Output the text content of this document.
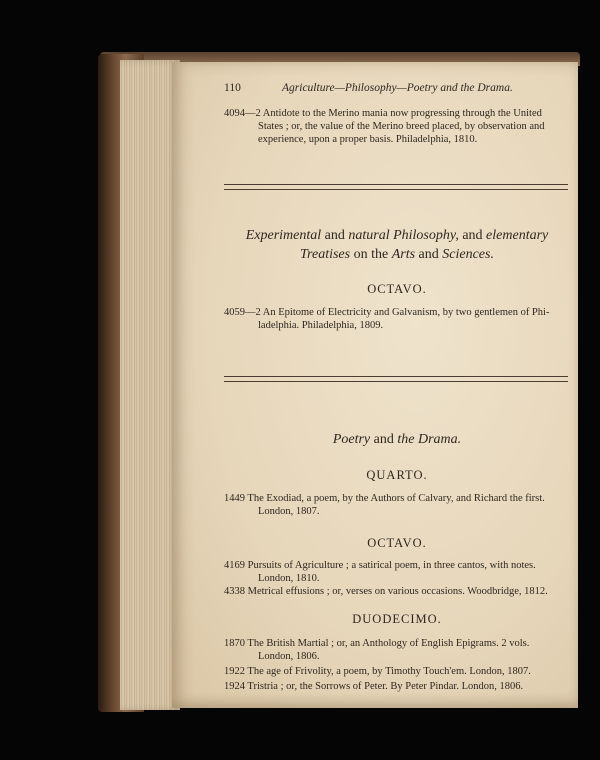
110	Agriculture—Philosophy—Poetry and the Drama.
4094—2 Antidote to the Merino mania now progressing through the United
States ; or, the value of the Merino breed placed, by observation and
experience, upon a proper basis. Philadelphia, 1810.
Experimental and natural Philosophy, and elementary
Treatises on the Arts and Sciences.
OCTAVO.
4059—2 An Epitome of Electricity and Galvanism, by two gentlemen of Phi-
ladelphia. Philadelphia, 1809.
Poetry and the Drama.
QUARTO.
1449 The Exodiad, a poem, by the Authors of Calvary, and Richard the first.
London, 1807.
OCTAVO.
4169 Pursuits of Agriculture ; a satirical poem, in three cantos, with notes.
London, 1810.
4338 Metrical effusions ; or, verses on various occasions. Woodbridge, 1812.
DUODECIMO.
1870 The British Martial ; or, an Anthology of English Epigrams. 2 vols.
London, 1806.
1922 The age of Frivolity, a poem, by Timothy Touch'em. London, 1807.
1924 Tristria ; or, the Sorrows of Peter. By Peter Pindar. London, 1806.
